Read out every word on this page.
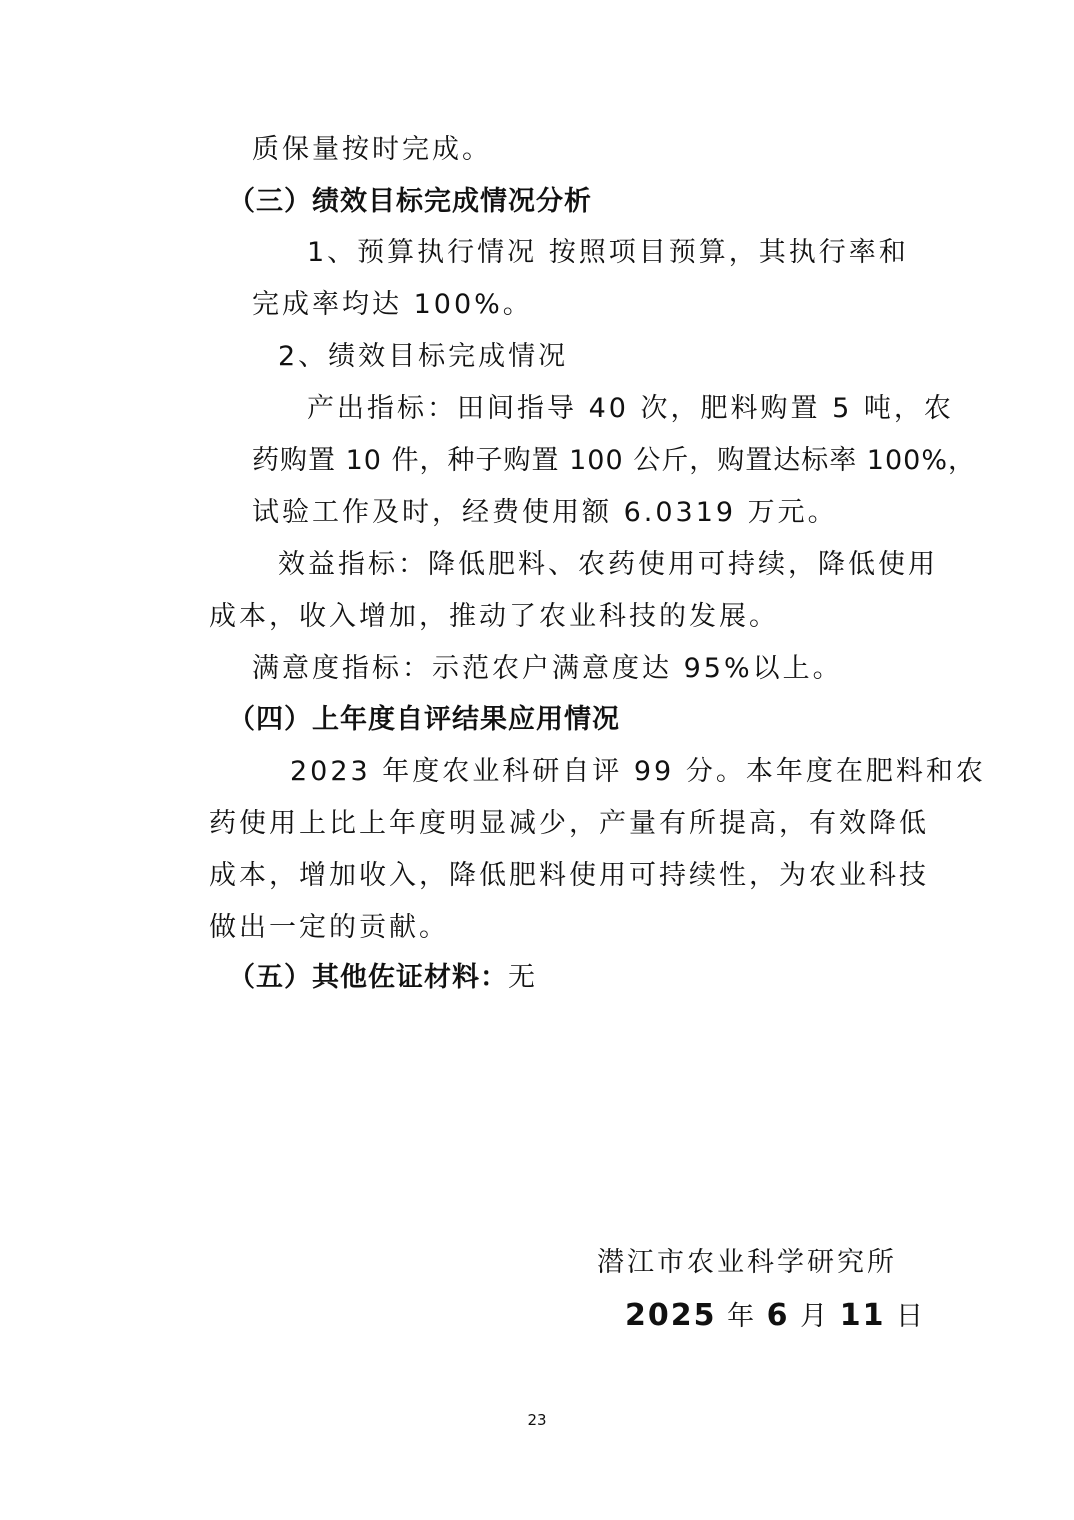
质保量按时完成。

（三）绩效目标完成情况分析

1、预算执行情况 按照项目预算，其执行率和

完成率均达 100%。

2、绩效目标完成情况

产出指标：田间指导 40 次，肥料购置 5 吨，农

药购置 10 件，种子购置 100 公斤，购置达标率 100%，

试验工作及时，经费使用额 6.0319 万元。

效益指标：降低肥料、农药使用可持续，降低使用

成本，收入增加，推动了农业科技的发展。

满意度指标：示范农户满意度达 95%以上。

（四）上年度自评结果应用情况

2023 年度农业科研自评 99 分。本年度在肥料和农

药使用上比上年度明显减少，产量有所提高，有效降低

成本，增加收入，降低肥料使用可持续性，为农业科技

做出一定的贡献。

（五）其他佐证材料：无

潜江市农业科学研究所

2025 年 6 月 11 日

23
